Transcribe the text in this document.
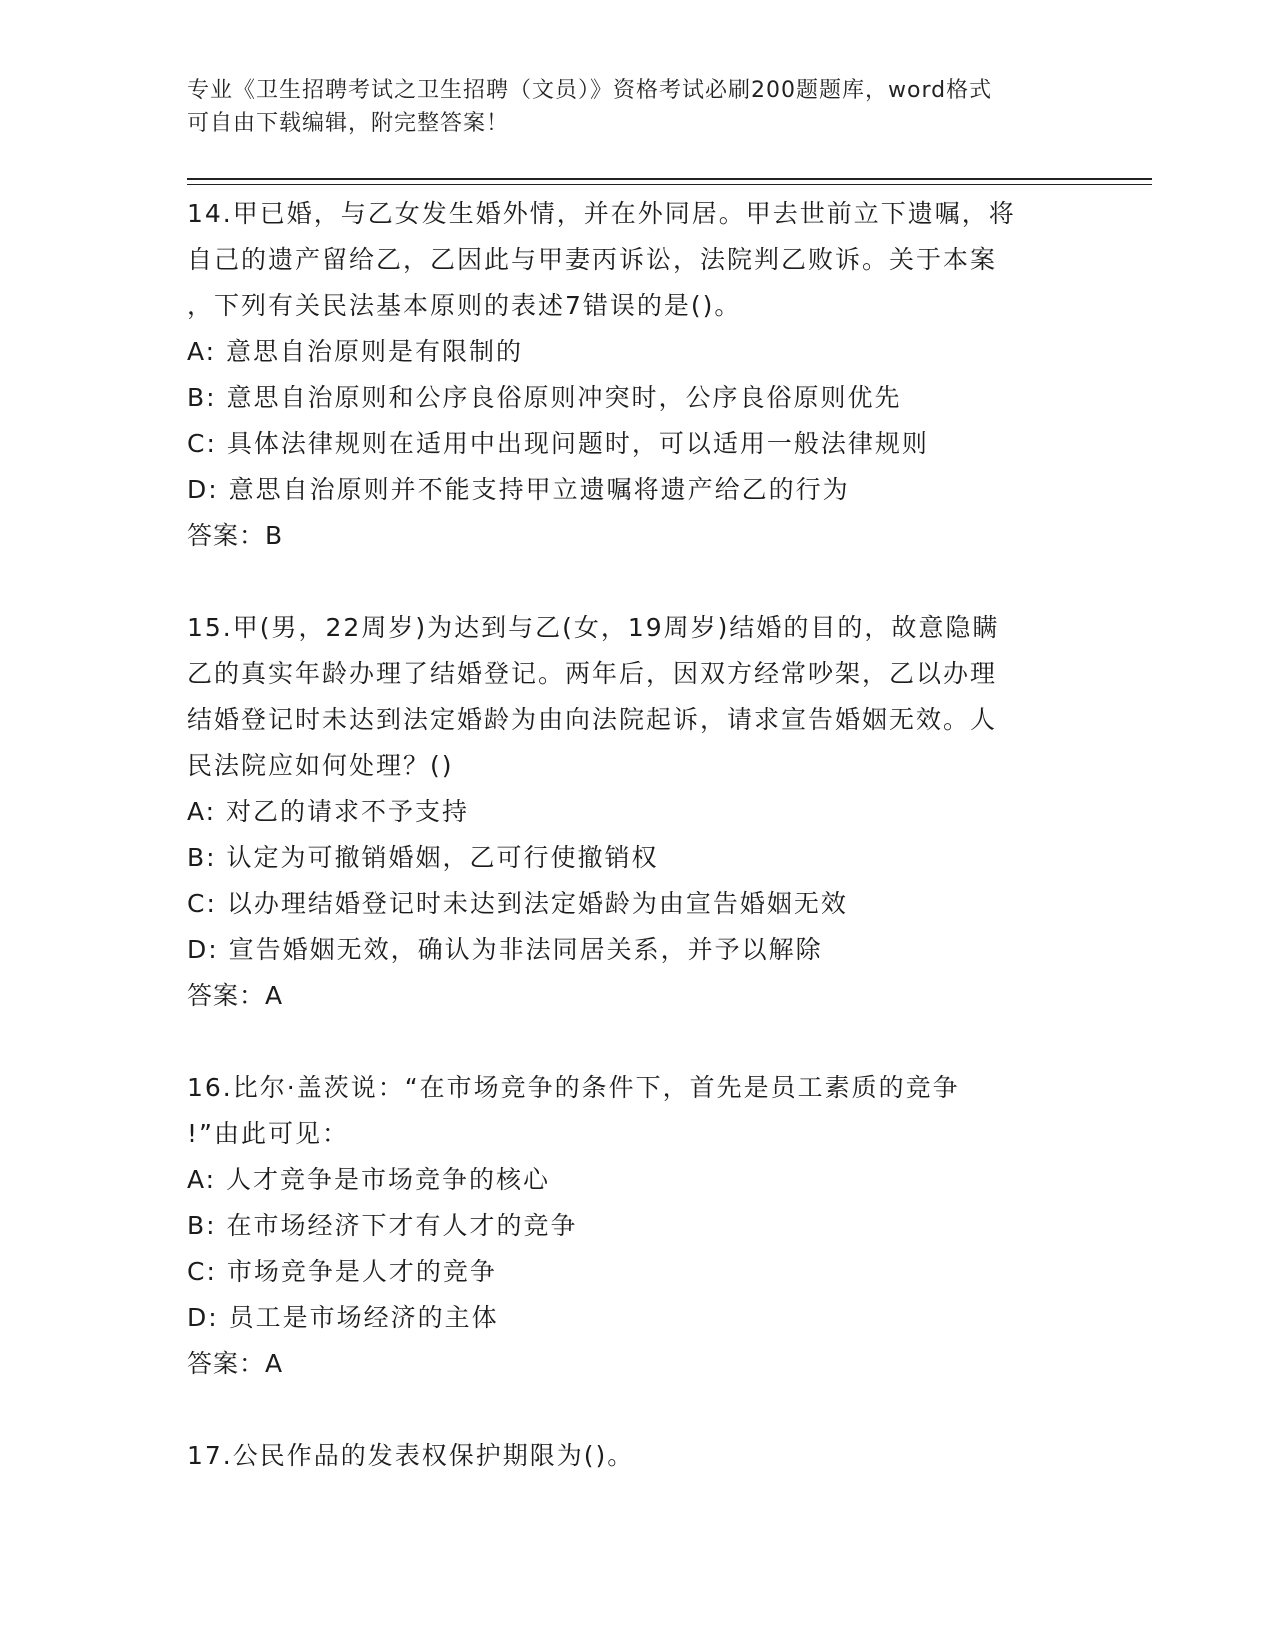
专业《卫生招聘考试之卫生招聘（文员）》资格考试必刷200题题库，word格式
可自由下载编辑，附完整答案！
14.甲已婚，与乙女发生婚外情，并在外同居。甲去世前立下遗嘱，将
自己的遗产留给乙，乙因此与甲妻丙诉讼，法院判乙败诉。关于本案
，下列有关民法基本原则的表述7错误的是()。
A: 意思自治原则是有限制的
B: 意思自治原则和公序良俗原则冲突时，公序良俗原则优先
C: 具体法律规则在适用中出现问题时，可以适用一般法律规则
D: 意思自治原则并不能支持甲立遗嘱将遗产给乙的行为
答案：B
15.甲(男，22周岁)为达到与乙(女，19周岁)结婚的目的，故意隐瞒
乙的真实年龄办理了结婚登记。两年后，因双方经常吵架，乙以办理
结婚登记时未达到法定婚龄为由向法院起诉，请求宣告婚姻无效。人
民法院应如何处理？()
A: 对乙的请求不予支持
B: 认定为可撤销婚姻，乙可行使撤销权
C: 以办理结婚登记时未达到法定婚龄为由宣告婚姻无效
D: 宣告婚姻无效，确认为非法同居关系，并予以解除
答案：A
16.比尔·盖茨说：“在市场竞争的条件下，首先是员工素质的竞争
!”由此可见：
A: 人才竞争是市场竞争的核心
B: 在市场经济下才有人才的竞争
C: 市场竞争是人才的竞争
D: 员工是市场经济的主体
答案：A
17.公民作品的发表权保护期限为()。
